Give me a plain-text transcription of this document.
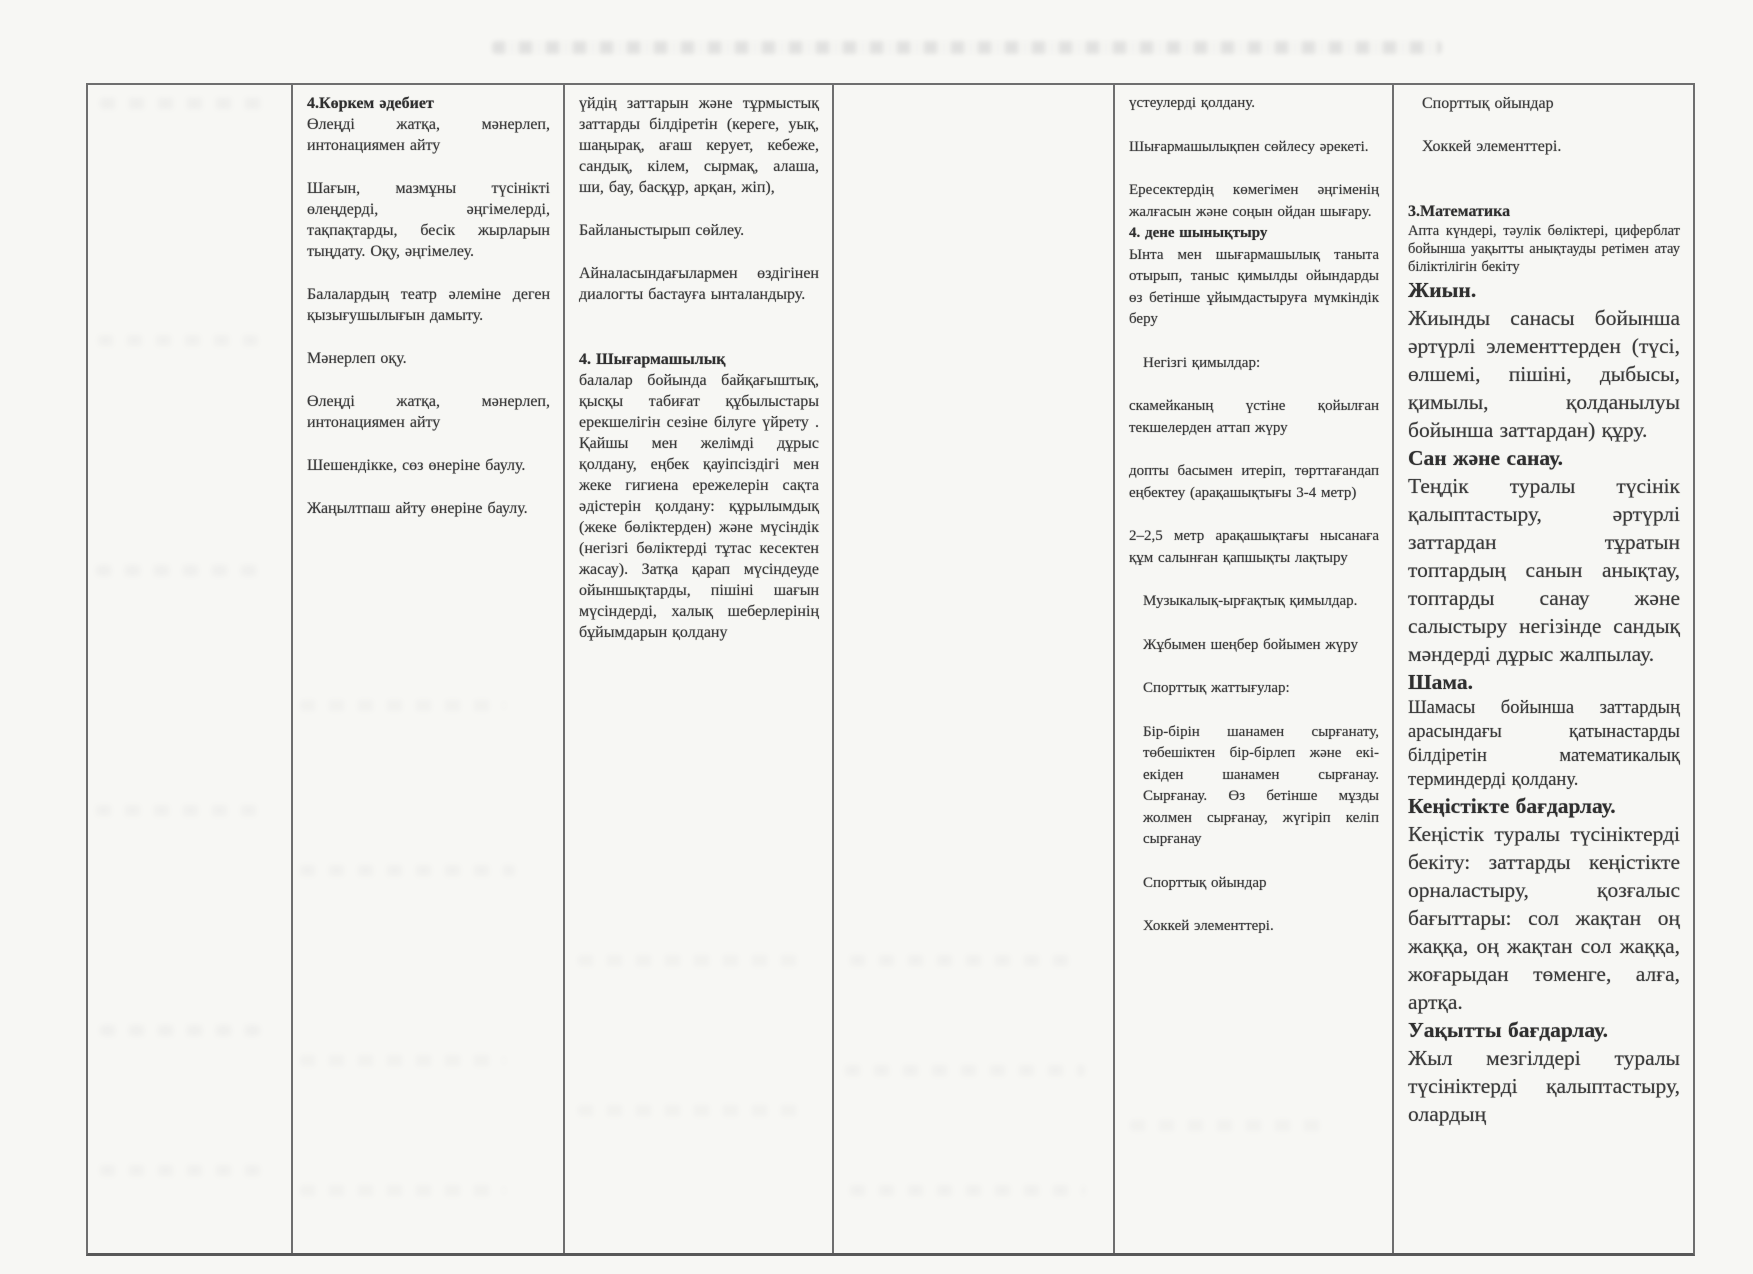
4.Көркем әдебиет

Өлеңді жатқа, мәнерлеп, интонациямен айту

Шағын, мазмұны түсінікті өлеңдерді, әңгімелерді, тақпақтарды, бесік жырларын тыңдату. Оқу, әңгімелеу.

Балалардың театр әлеміне деген қызығушылығын дамыту.

Мәнерлеп оқу.

Өлеңді жатқа, мәнерлеп, интонациямен айту

Шешендікке, сөз өнеріне баулу.

Жаңылтпаш айту өнеріне баулу.

үйдің заттарын және тұрмыстық заттарды білдіретін (кереге, уық, шаңырақ, ағаш керует, кебеже, сандық, кілем, сырмақ, алаша, ши, бау, басқұр, арқан, жіп),

Байланыстырып сөйлеу.

Айналасындағылармен өздігінен диалогты бастауға ынталандыру.

4. Шығармашылық

балалар бойында байқағыштық, қысқы табиғат құбылыстары ерекшелігін сезіне білуге үйрету . Қайшы мен желімді дұрыс қолдану, еңбек қауіпсіздігі мен жеке гигиена ережелерін сақта әдістерін қолдану: құрылымдық (жеке бөліктерден) және мүсіндік (негізгі бөліктерді тұтас кесектен жасау). Затқа қарап мүсіндеуде ойыншықтарды, пішіні шағын мүсіндерді, халық шеберлерінің бұйымдарын қолдану

үстеулерді қолдану.

Шығармашылықпен сөйлесу әрекеті.

Ересектердің көмегімен әңгіменің жалғасын және соңын ойдан шығару.

4. дене шынықтыру

Ынта мен шығармашылық таныта отырып, таныс қимылды ойындарды өз бетінше ұйымдастыруға мүмкіндік беру

Негізгі қимылдар:

скамейканың үстіне қойылған текшелерден аттап жүру

допты басымен итеріп, төрттағандап еңбектеу (арақашықтығы 3-4 метр)

2–2,5 метр арақашықтағы нысанаға құм салынған қапшықты лақтыру

Музыкалық-ырғақтық қимылдар.

Жұбымен шеңбер бойымен жүру

Спорттық жаттығулар:

Бір-бірін шанамен сырғанату, төбешіктен бір-бірлеп және екі-екіден шанамен сырғанау. Сырғанау. Өз бетінше мұзды жолмен сырғанау, жүгіріп келіп сырғанау

Спорттық ойындар

Хоккей элементтері.

Спорттық ойындар

Хоккей элементтері.

3.Математика

Апта күндері, тәулік бөліктері, циферблат бойынша уақытты анықтауды ретімен атау біліктілігін бекіту

Жиын.

Жиынды санасы бойынша әртүрлі элементтерден (түсі, өлшемі, пішіні, дыбысы, қимылы, қолданылуы бойынша заттардан) құру.

Сан және санау.

Теңдік туралы түсінік қалыптастыру, әртүрлі заттардан тұратын топтардың санын анықтау, топтарды санау және салыстыру негізінде сандық мәндерді дұрыс жалпылау.

Шама.

Шамасы бойынша заттардың арасындағы қатынастарды білдіретін математикалық терминдерді қолдану.

Кеңістікте бағдарлау.

Кеңістік туралы түсініктерді бекіту: заттарды кеңістікте орналастыру, қозғалыс бағыттары: сол жақтан оң жаққа, оң жақтан сол жаққа, жоғарыдан төменге, алға, артқа.

Уақытты бағдарлау.

Жыл мезгілдері туралы түсініктерді қалыптастыру, олардың
